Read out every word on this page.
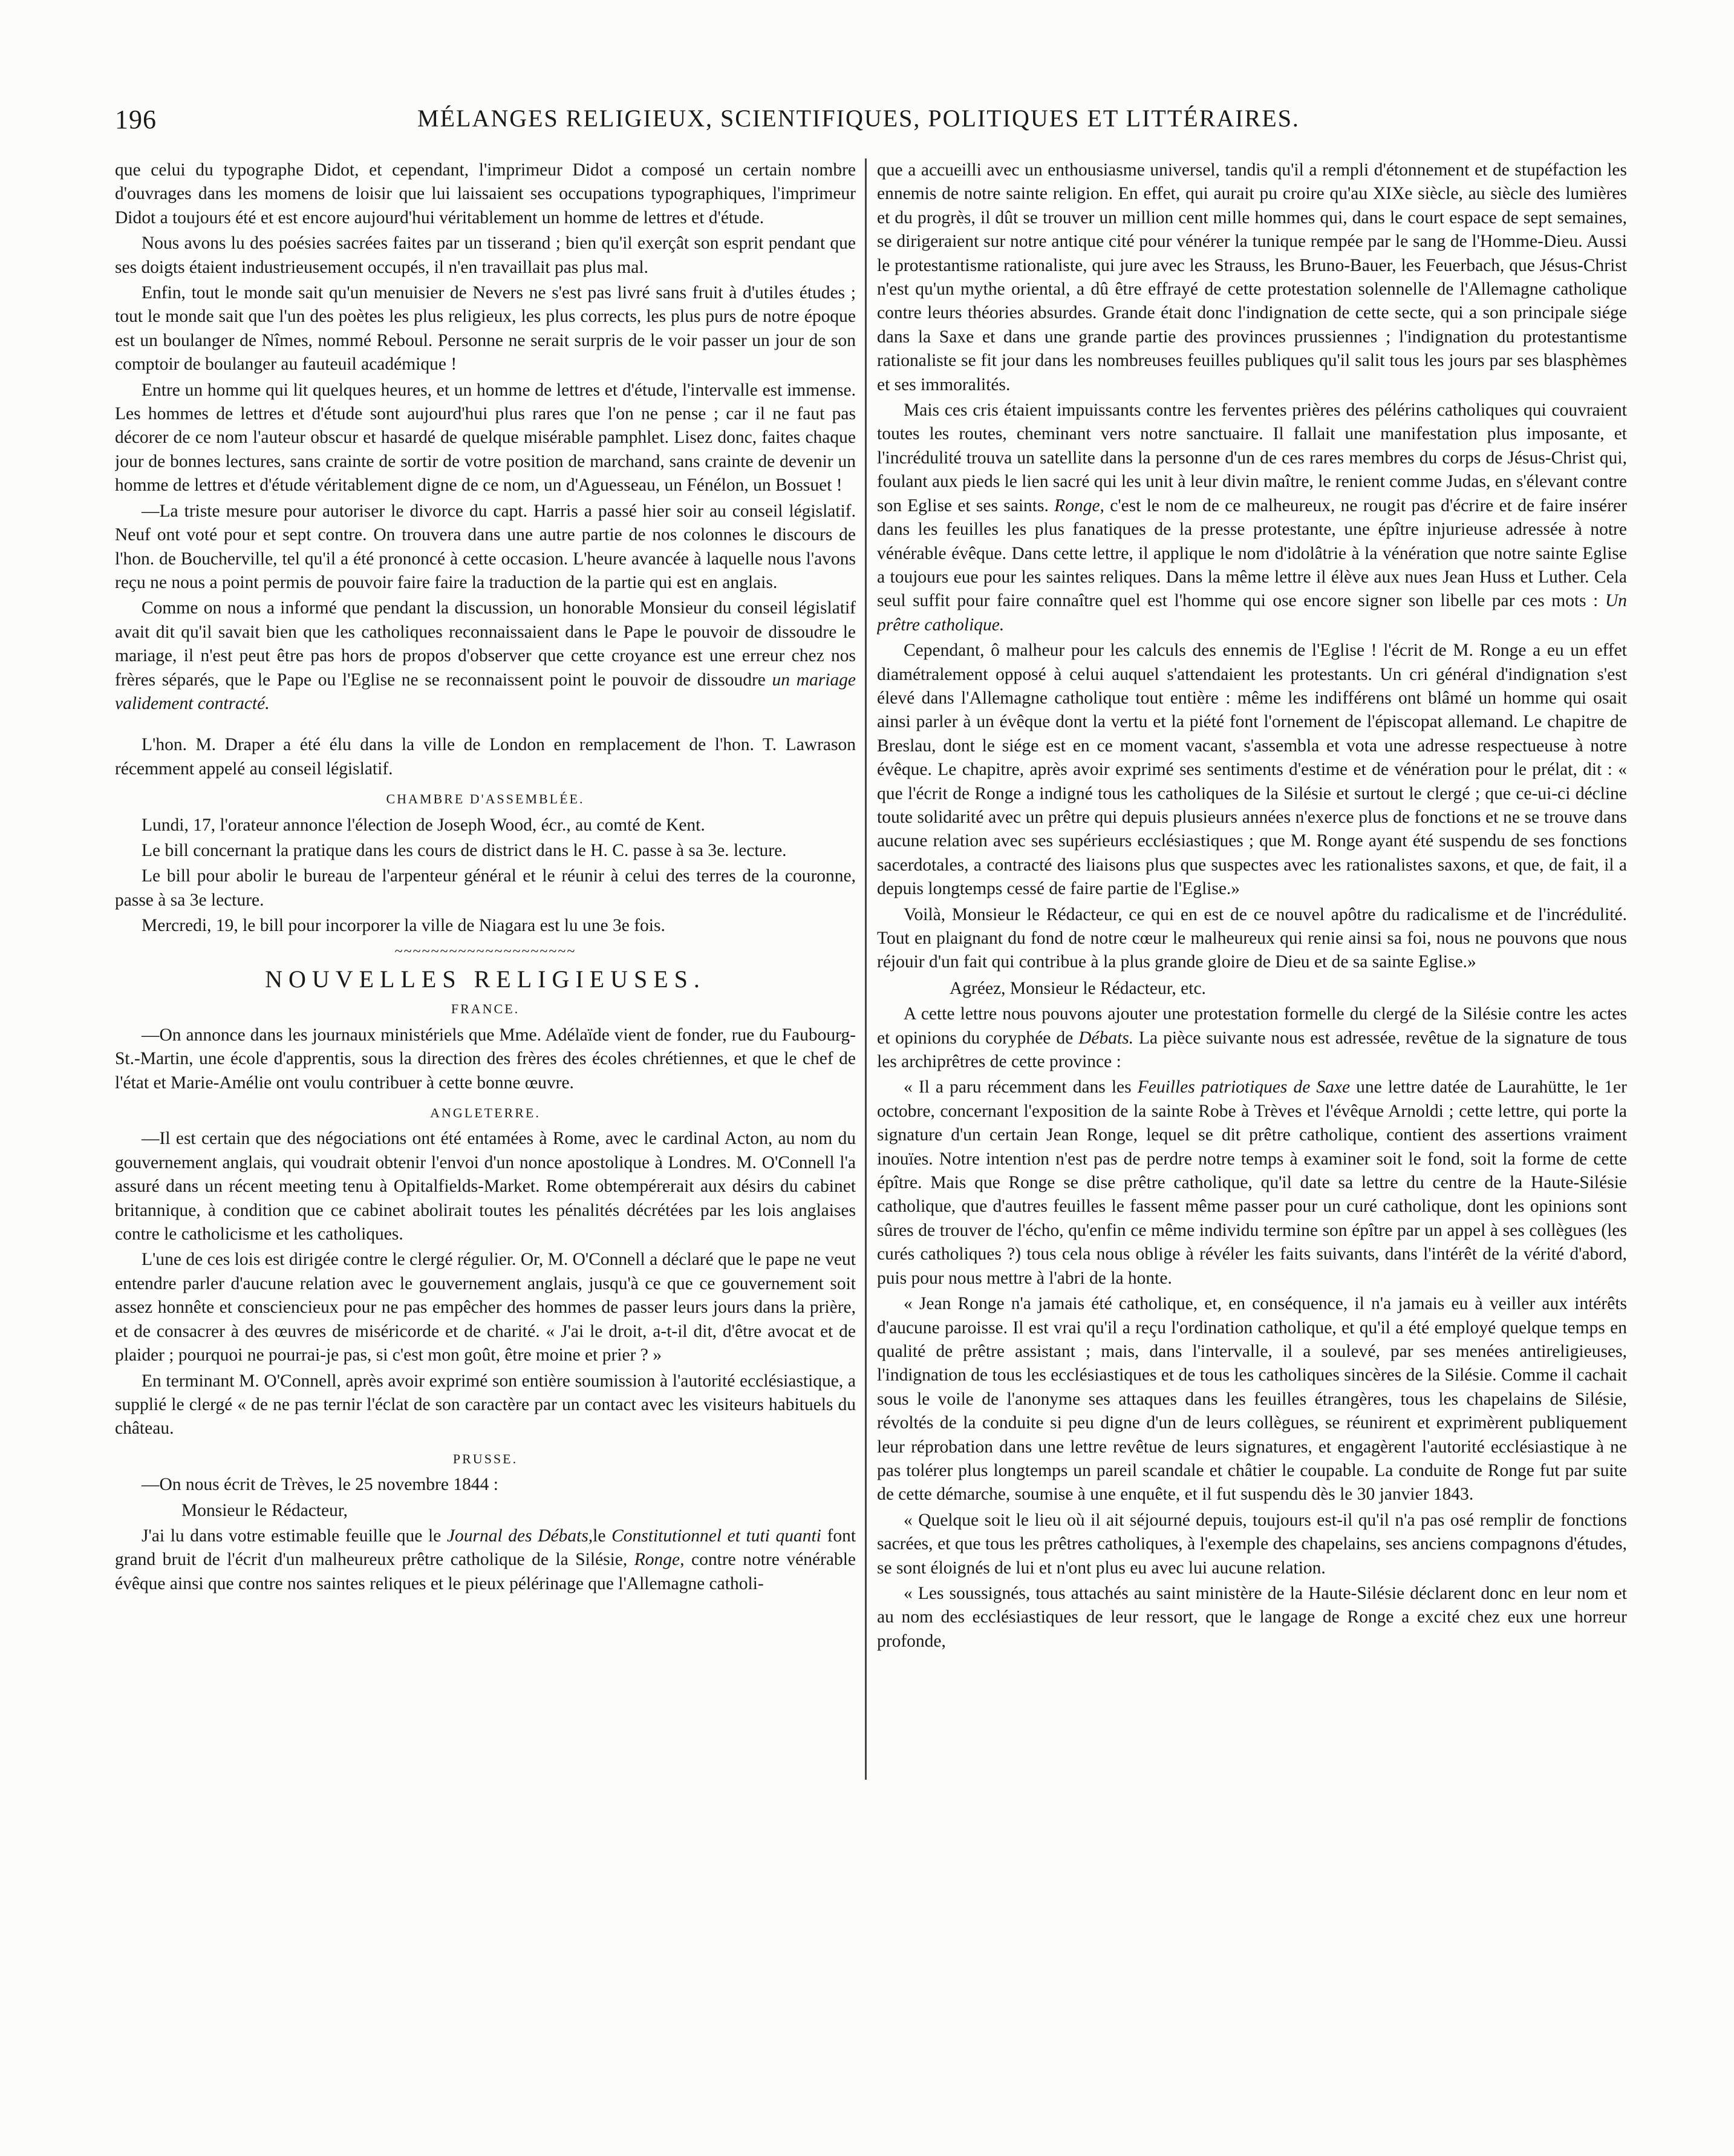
196	MÉLANGES RELIGIEUX, SCIENTIFIQUES, POLITIQUES ET LITTÉRAIRES.

que celui du typographe Didot, et cependant, l'imprimeur Didot a composé un certain nombre d'ouvrages dans les momens de loisir que lui laissaient ses occupations typographiques, l'imprimeur Didot a toujours été et est encore aujourd'hui véritablement un homme de lettres et d'étude.

Nous avons lu des poésies sacrées faites par un tisserand ; bien qu'il exerçât son esprit pendant que ses doigts étaient industrieusement occupés, il n'en travaillait pas plus mal.

Enfin, tout le monde sait qu'un menuisier de Nevers ne s'est pas livré sans fruit à d'utiles études ; tout le monde sait que l'un des poètes les plus religieux, les plus corrects, les plus purs de notre époque est un boulanger de Nîmes, nommé Reboul. Personne ne serait surpris de le voir passer un jour de son comptoir de boulanger au fauteuil académique !

Entre un homme qui lit quelques heures, et un homme de lettres et d'étude, l'intervalle est immense. Les hommes de lettres et d'étude sont aujourd'hui plus rares que l'on ne pense ; car il ne faut pas décorer de ce nom l'auteur obscur et hasardé de quelque misérable pamphlet. Lisez donc, faites chaque jour de bonnes lectures, sans crainte de sortir de votre position de marchand, sans crainte de devenir un homme de lettres et d'étude véritablement digne de ce nom, un d'Aguesseau, un Fénélon, un Bossuet !

—La triste mesure pour autoriser le divorce du capt. Harris a passé hier soir au conseil législatif. Neuf ont voté pour et sept contre. On trouvera dans une autre partie de nos colonnes le discours de l'hon. de Boucherville, tel qu'il a été prononcé à cette occasion. L'heure avancée à laquelle nous l'avons reçu ne nous a point permis de pouvoir faire faire la traduction de la partie qui est en anglais.

Comme on nous a informé que pendant la discussion, un honorable Monsieur du conseil législatif avait dit qu'il savait bien que les catholiques reconnaissaient dans le Pape le pouvoir de dissoudre le mariage, il n'est peut être pas hors de propos d'observer que cette croyance est une erreur chez nos frères séparés, que le Pape ou l'Eglise ne se reconnaissent point le pouvoir de dissoudre un mariage validement contracté.

L'hon. M. Draper a été élu dans la ville de London en remplacement de l'hon. T. Lawrason récemment appelé au conseil législatif.

CHAMBRE D'ASSEMBLÉE.

Lundi, 17, l'orateur annonce l'élection de Joseph Wood, écr., au comté de Kent.

Le bill concernant la pratique dans les cours de district dans le H. C. passe à sa 3e. lecture.

Le bill pour abolir le bureau de l'arpenteur général et le réunir à celui des terres de la couronne, passe à sa 3e lecture.

Mercredi, 19, le bill pour incorporer la ville de Niagara est lu une 3e fois.

~~~~~~~~~~~~~~~~~~~~

NOUVELLES RELIGIEUSES.

FRANCE.

—On annonce dans les journaux ministériels que Mme. Adélaïde vient de fonder, rue du Faubourg-St.-Martin, une école d'apprentis, sous la direction des frères des écoles chrétiennes, et que le chef de l'état et Marie-Amélie ont voulu contribuer à cette bonne œuvre.

ANGLETERRE.

—Il est certain que des négociations ont été entamées à Rome, avec le cardinal Acton, au nom du gouvernement anglais, qui voudrait obtenir l'envoi d'un nonce apostolique à Londres. M. O'Connell l'a assuré dans un récent meeting tenu à Opitalfields-Market. Rome obtempérerait aux désirs du cabinet britannique, à condition que ce cabinet abolirait toutes les pénalités décrétées par les lois anglaises contre le catholicisme et les catholiques.

L'une de ces lois est dirigée contre le clergé régulier. Or, M. O'Connell a déclaré que le pape ne veut entendre parler d'aucune relation avec le gouvernement anglais, jusqu'à ce que ce gouvernement soit assez honnête et consciencieux pour ne pas empêcher des hommes de passer leurs jours dans la prière, et de consacrer à des œuvres de miséricorde et de charité. « J'ai le droit, a-t-il dit, d'être avocat et de plaider ; pourquoi ne pourrai-je pas, si c'est mon goût, être moine et prier ? »

En terminant M. O'Connell, après avoir exprimé son entière soumission à l'autorité ecclésiastique, a supplié le clergé « de ne pas ternir l'éclat de son caractère par un contact avec les visiteurs habituels du château.

PRUSSE.

—On nous écrit de Trèves, le 25 novembre 1844 :

Monsieur le Rédacteur,

J'ai lu dans votre estimable feuille que le Journal des Débats,le Constitutionnel et tuti quanti font grand bruit de l'écrit d'un malheureux prêtre catholique de la Silésie, Ronge, contre notre vénérable évêque ainsi que contre nos saintes reliques et le pieux pélérinage que l'Allemagne catholi-

que a accueilli avec un enthousiasme universel, tandis qu'il a rempli d'étonnement et de stupéfaction les ennemis de notre sainte religion. En effet, qui aurait pu croire qu'au XIXe siècle, au siècle des lumières et du progrès, il dût se trouver un million cent mille hommes qui, dans le court espace de sept semaines, se dirigeraient sur notre antique cité pour vénérer la tunique rempée par le sang de l'Homme-Dieu. Aussi le protestantisme rationaliste, qui jure avec les Strauss, les Bruno-Bauer, les Feuerbach, que Jésus-Christ n'est qu'un mythe oriental, a dû être effrayé de cette protestation solennelle de l'Allemagne catholique contre leurs théories absurdes. Grande était donc l'indignation de cette secte, qui a son principale siége dans la Saxe et dans une grande partie des provinces prussiennes ; l'indignation du protestantisme rationaliste se fit jour dans les nombreuses feuilles publiques qu'il salit tous les jours par ses blasphèmes et ses immoralités.

Mais ces cris étaient impuissants contre les ferventes prières des pélérins catholiques qui couvraient toutes les routes, cheminant vers notre sanctuaire. Il fallait une manifestation plus imposante, et l'incrédulité trouva un satellite dans la personne d'un de ces rares membres du corps de Jésus-Christ qui, foulant aux pieds le lien sacré qui les unit à leur divin maître, le renient comme Judas, en s'élevant contre son Eglise et ses saints. Ronge, c'est le nom de ce malheureux, ne rougit pas d'écrire et de faire insérer dans les feuilles les plus fanatiques de la presse protestante, une épître injurieuse adressée à notre vénérable évêque. Dans cette lettre, il applique le nom d'idolâtrie à la vénération que notre sainte Eglise a toujours eue pour les saintes reliques. Dans la même lettre il élève aux nues Jean Huss et Luther. Cela seul suffit pour faire connaître quel est l'homme qui ose encore signer son libelle par ces mots : Un prêtre catholique.

Cependant, ô malheur pour les calculs des ennemis de l'Eglise ! l'écrit de M. Ronge a eu un effet diamétralement opposé à celui auquel s'attendaient les protestants. Un cri général d'indignation s'est élevé dans l'Allemagne catholique tout entière : même les indifférens ont blâmé un homme qui osait ainsi parler à un évêque dont la vertu et la piété font l'ornement de l'épiscopat allemand. Le chapitre de Breslau, dont le siége est en ce moment vacant, s'assembla et vota une adresse respectueuse à notre évêque. Le chapitre, après avoir exprimé ses sentiments d'estime et de vénération pour le prélat, dit : « que l'écrit de Ronge a indigné tous les catholiques de la Silésie et surtout le clergé ; que ce-ui-ci décline toute solidarité avec un prêtre qui depuis plusieurs années n'exerce plus de fonctions et ne se trouve dans aucune relation avec ses supérieurs ecclésiastiques ; que M. Ronge ayant été suspendu de ses fonctions sacerdotales, a contracté des liaisons plus que suspectes avec les rationalistes saxons, et que, de fait, il a depuis longtemps cessé de faire partie de l'Eglise.»

Voilà, Monsieur le Rédacteur, ce qui en est de ce nouvel apôtre du radicalisme et de l'incrédulité. Tout en plaignant du fond de notre cœur le malheureux qui renie ainsi sa foi, nous ne pouvons que nous réjouir d'un fait qui contribue à la plus grande gloire de Dieu et de sa sainte Eglise.»

Agréez, Monsieur le Rédacteur, etc.

A cette lettre nous pouvons ajouter une protestation formelle du clergé de la Silésie contre les actes et opinions du coryphée de Débats. La pièce suivante nous est adressée, revêtue de la signature de tous les archiprêtres de cette province :

« Il a paru récemment dans les Feuilles patriotiques de Saxe une lettre datée de Laurahütte, le 1er octobre, concernant l'exposition de la sainte Robe à Trèves et l'évêque Arnoldi ; cette lettre, qui porte la signature d'un certain Jean Ronge, lequel se dit prêtre catholique, contient des assertions vraiment inouïes. Notre intention n'est pas de perdre notre temps à examiner soit le fond, soit la forme de cette épître. Mais que Ronge se dise prêtre catholique, qu'il date sa lettre du centre de la Haute-Silésie catholique, que d'autres feuilles le fassent même passer pour un curé catholique, dont les opinions sont sûres de trouver de l'écho, qu'enfin ce même individu termine son épître par un appel à ses collègues (les curés catholiques ?) tous cela nous oblige à révéler les faits suivants, dans l'intérêt de la vérité d'abord, puis pour nous mettre à l'abri de la honte.

« Jean Ronge n'a jamais été catholique, et, en conséquence, il n'a jamais eu à veiller aux intérêts d'aucune paroisse. Il est vrai qu'il a reçu l'ordination catholique, et qu'il a été employé quelque temps en qualité de prêtre assistant ; mais, dans l'intervalle, il a soulevé, par ses menées antireligieuses, l'indignation de tous les ecclésiastiques et de tous les catholiques sincères de la Silésie. Comme il cachait sous le voile de l'anonyme ses attaques dans les feuilles étrangères, tous les chapelains de Silésie, révoltés de la conduite si peu digne d'un de leurs collègues, se réunirent et exprimèrent publiquement leur réprobation dans une lettre revêtue de leurs signatures, et engagèrent l'autorité ecclésiastique à ne pas tolérer plus longtemps un pareil scandale et châtier le coupable. La conduite de Ronge fut par suite de cette démarche, soumise à une enquête, et il fut suspendu dès le 30 janvier 1843.

« Quelque soit le lieu où il ait séjourné depuis, toujours est-il qu'il n'a pas osé remplir de fonctions sacrées, et que tous les prêtres catholiques, à l'exemple des chapelains, ses anciens compagnons d'études, se sont éloignés de lui et n'ont plus eu avec lui aucune relation.

« Les soussignés, tous attachés au saint ministère de la Haute-Silésie déclarent donc en leur nom et au nom des ecclésiastiques de leur ressort, que le langage de Ronge a excité chez eux une horreur profonde,
